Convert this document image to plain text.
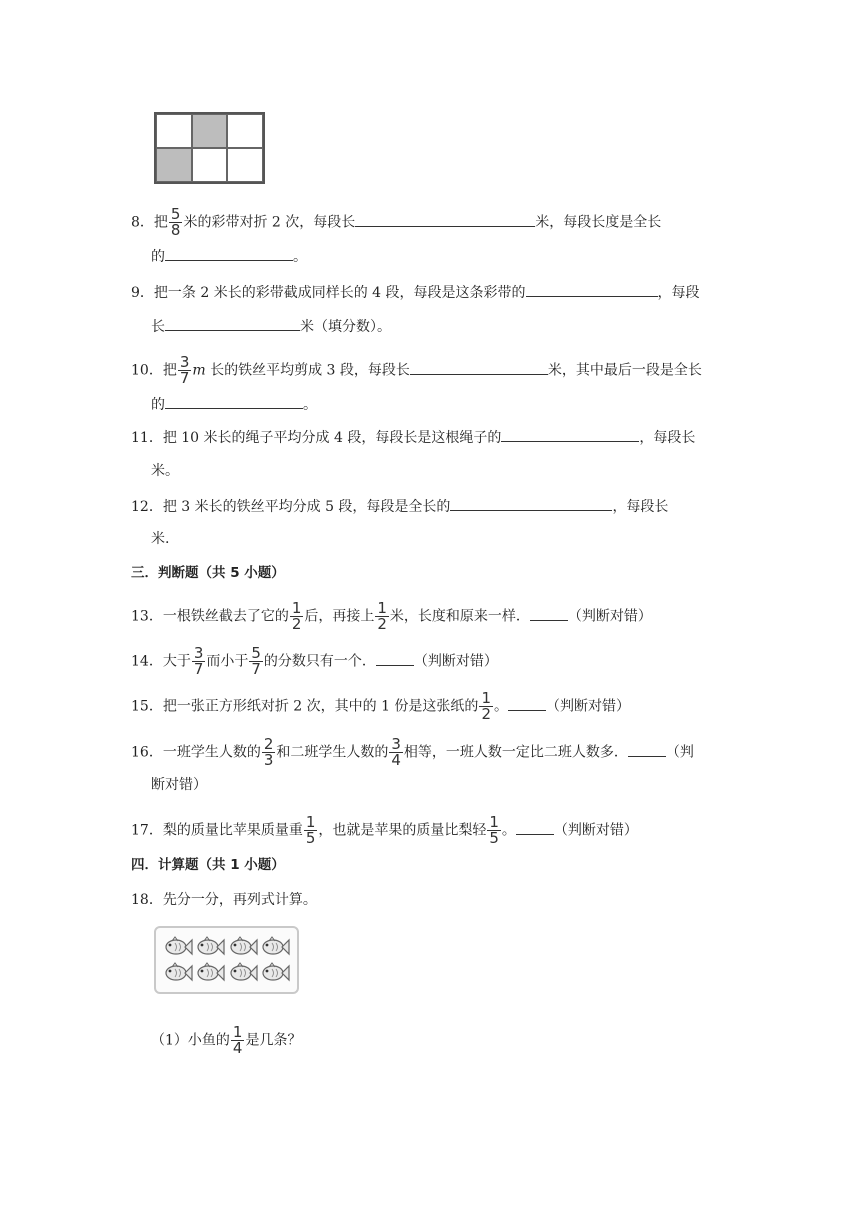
8．把 $\frac{5}{8}$ 米的彩带对折 2 次，每段长	米，每段长度是全长
的	。
9．把一条 2 米长的彩带截成同样长的 4 段，每段是这条彩带的	，每段
长	米（填分数）。
10．把 $\frac{3}{7}$ m 长的铁丝平均剪成 3 段，每段长	米，其中最后一段是全长
的	。
11．把 10 米长的绳子平均分成 4 段，每段长是这根绳子的	，每段长
米。
12．把 3 米长的铁丝平均分成 5 段，每段是全长的	，每段长
米.
三．判断题（共 5 小题）
13．一根铁丝截去了它的 $\frac{1}{2}$ 后，再接上 $\frac{1}{2}$ 米，长度和原来一样．	（判断对错）
14．大于 $\frac{3}{7}$ 而小于 $\frac{5}{7}$ 的分数只有一个．	（判断对错）
15．把一张正方形纸对折 2 次，其中的 1 份是这张纸的 $\frac{1}{2}$ 。	（判断对错）
16．一班学生人数的 $\frac{2}{3}$ 和二班学生人数的 $\frac{3}{4}$ 相等，一班人数一定比二班人数多．	（判
断对错）
17．梨的质量比苹果质量重 $\frac{1}{5}$ ，也就是苹果的质量比梨轻 $\frac{1}{5}$ 。	（判断对错）
四．计算题（共 1 小题）
18．先分一分，再列式计算。
（1）小鱼的 $\frac{1}{4}$ 是几条？
